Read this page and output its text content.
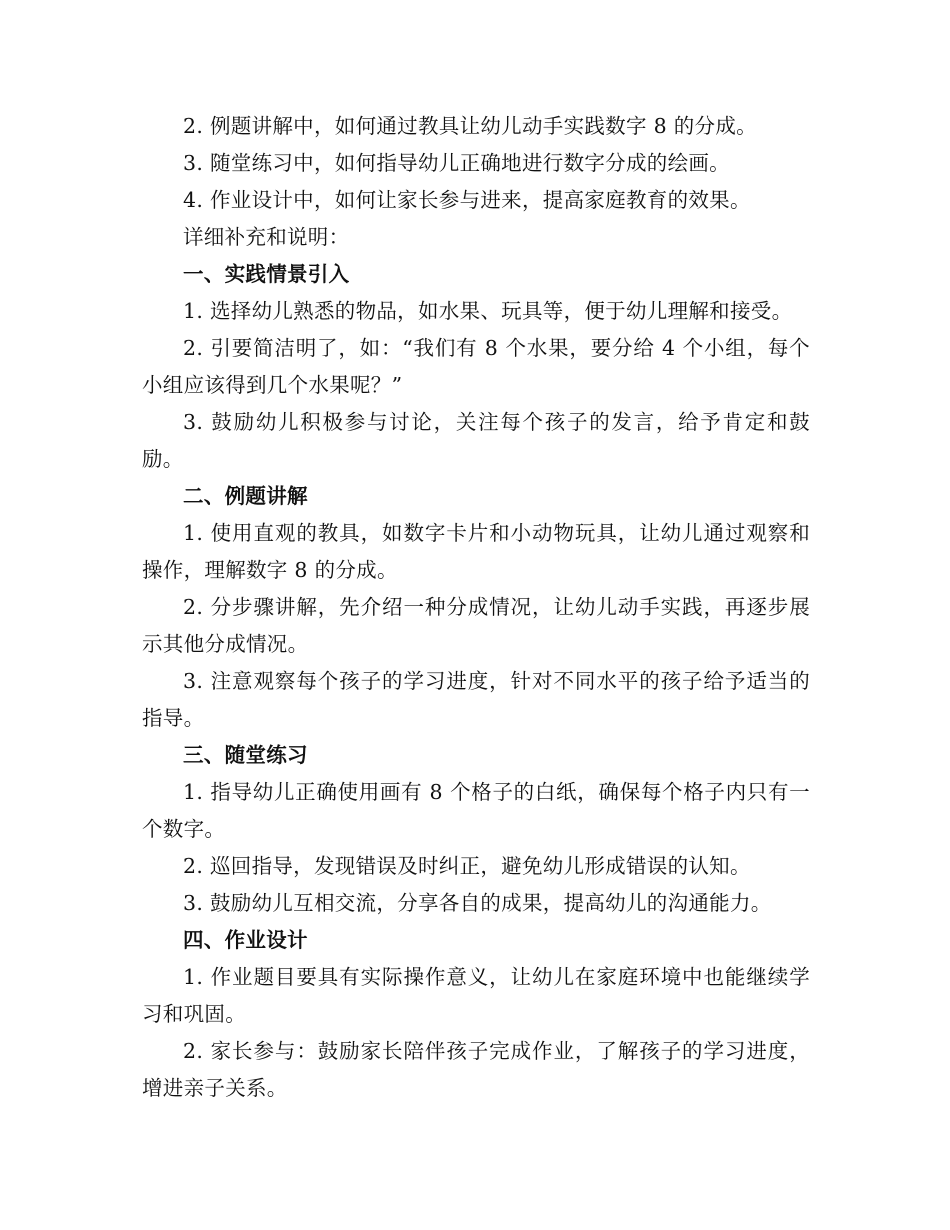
2. 例题讲解中，如何通过教具让幼儿动手实践数字 8 的分成。

3. 随堂练习中，如何指导幼儿正确地进行数字分成的绘画。

4. 作业设计中，如何让家长参与进来，提高家庭教育的效果。

详细补充和说明：

一、实践情景引入

1. 选择幼儿熟悉的物品，如水果、玩具等，便于幼儿理解和接受。

2. 引要简洁明了，如：“我们有 8 个水果，要分给 4 个小组，每个小组应该得到几个水果呢？”

3. 鼓励幼儿积极参与讨论，关注每个孩子的发言，给予肯定和鼓励。

二、例题讲解

1. 使用直观的教具，如数字卡片和小动物玩具，让幼儿通过观察和操作，理解数字 8 的分成。

2. 分步骤讲解，先介绍一种分成情况，让幼儿动手实践，再逐步展示其他分成情况。

3. 注意观察每个孩子的学习进度，针对不同水平的孩子给予适当的指导。

三、随堂练习

1. 指导幼儿正确使用画有 8 个格子的白纸，确保每个格子内只有一个数字。

2. 巡回指导，发现错误及时纠正，避免幼儿形成错误的认知。

3. 鼓励幼儿互相交流，分享各自的成果，提高幼儿的沟通能力。

四、作业设计

1. 作业题目要具有实际操作意义，让幼儿在家庭环境中也能继续学习和巩固。

2. 家长参与：鼓励家长陪伴孩子完成作业，了解孩子的学习进度，增进亲子关系。
